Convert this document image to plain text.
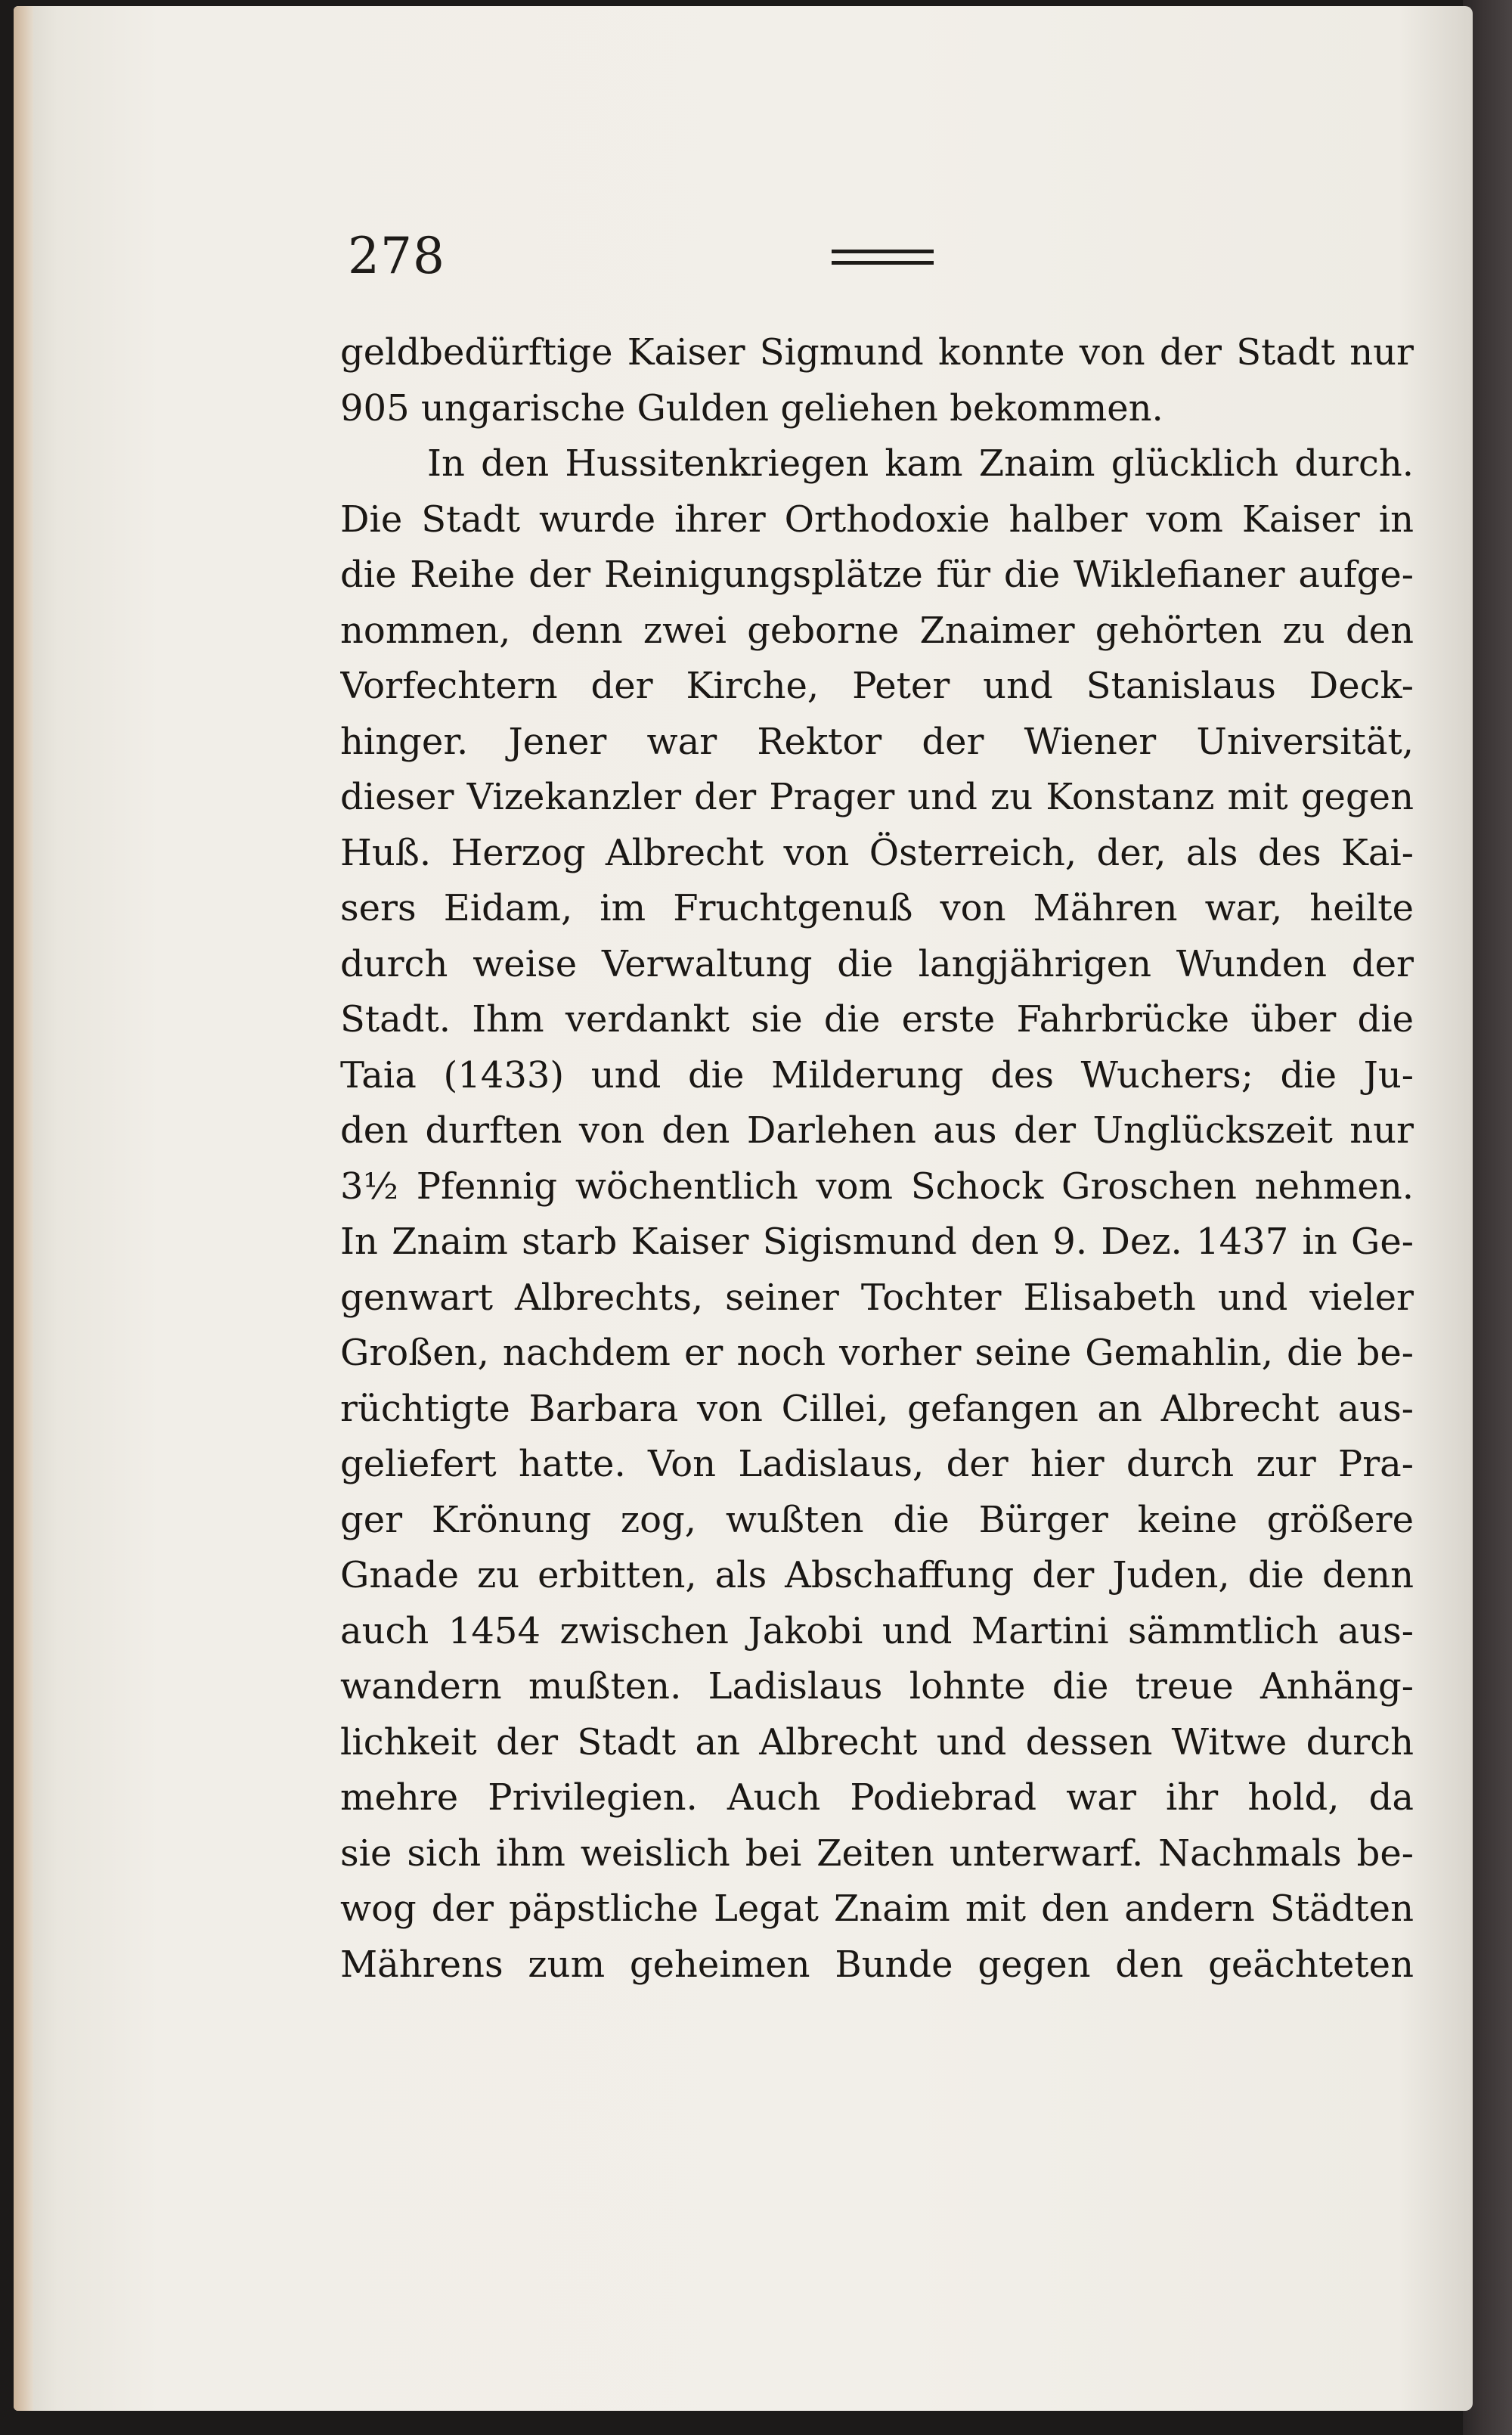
278
geldbedürftige Kaiser Sigmund konnte von der Stadt nur
905 ungarische Gulden geliehen bekommen.
In den Hussitenkriegen kam Znaim glücklich durch.
Die Stadt wurde ihrer Orthodoxie halber vom Kaiser in
die Reihe der Reinigungsplätze für die Wiklefianer aufge-
nommen, denn zwei geborne Znaimer gehörten zu den
Vorfechtern der Kirche, Peter und Stanislaus Deck-
hinger. Jener war Rektor der Wiener Universität,
dieser Vizekanzler der Prager und zu Konstanz mit gegen
Huß. Herzog Albrecht von Österreich, der, als des Kai-
sers Eidam, im Fruchtgenuß von Mähren war, heilte
durch weise Verwaltung die langjährigen Wunden der
Stadt. Ihm verdankt sie die erste Fahrbrücke über die
Taia (1433) und die Milderung des Wuchers; die Ju-
den durften von den Darlehen aus der Unglückszeit nur
3½ Pfennig wöchentlich vom Schock Groschen nehmen.
In Znaim starb Kaiser Sigismund den 9. Dez. 1437 in Ge-
genwart Albrechts, seiner Tochter Elisabeth und vieler
Großen, nachdem er noch vorher seine Gemahlin, die be-
rüchtigte Barbara von Cillei, gefangen an Albrecht aus-
geliefert hatte. Von Ladislaus, der hier durch zur Pra-
ger Krönung zog, wußten die Bürger keine größere
Gnade zu erbitten, als Abschaffung der Juden, die denn
auch 1454 zwischen Jakobi und Martini sämmtlich aus-
wandern mußten. Ladislaus lohnte die treue Anhäng-
lichkeit der Stadt an Albrecht und dessen Witwe durch
mehre Privilegien. Auch Podiebrad war ihr hold, da
sie sich ihm weislich bei Zeiten unterwarf. Nachmals be-
wog der päpstliche Legat Znaim mit den andern Städten
Mährens zum geheimen Bunde gegen den geächteten
